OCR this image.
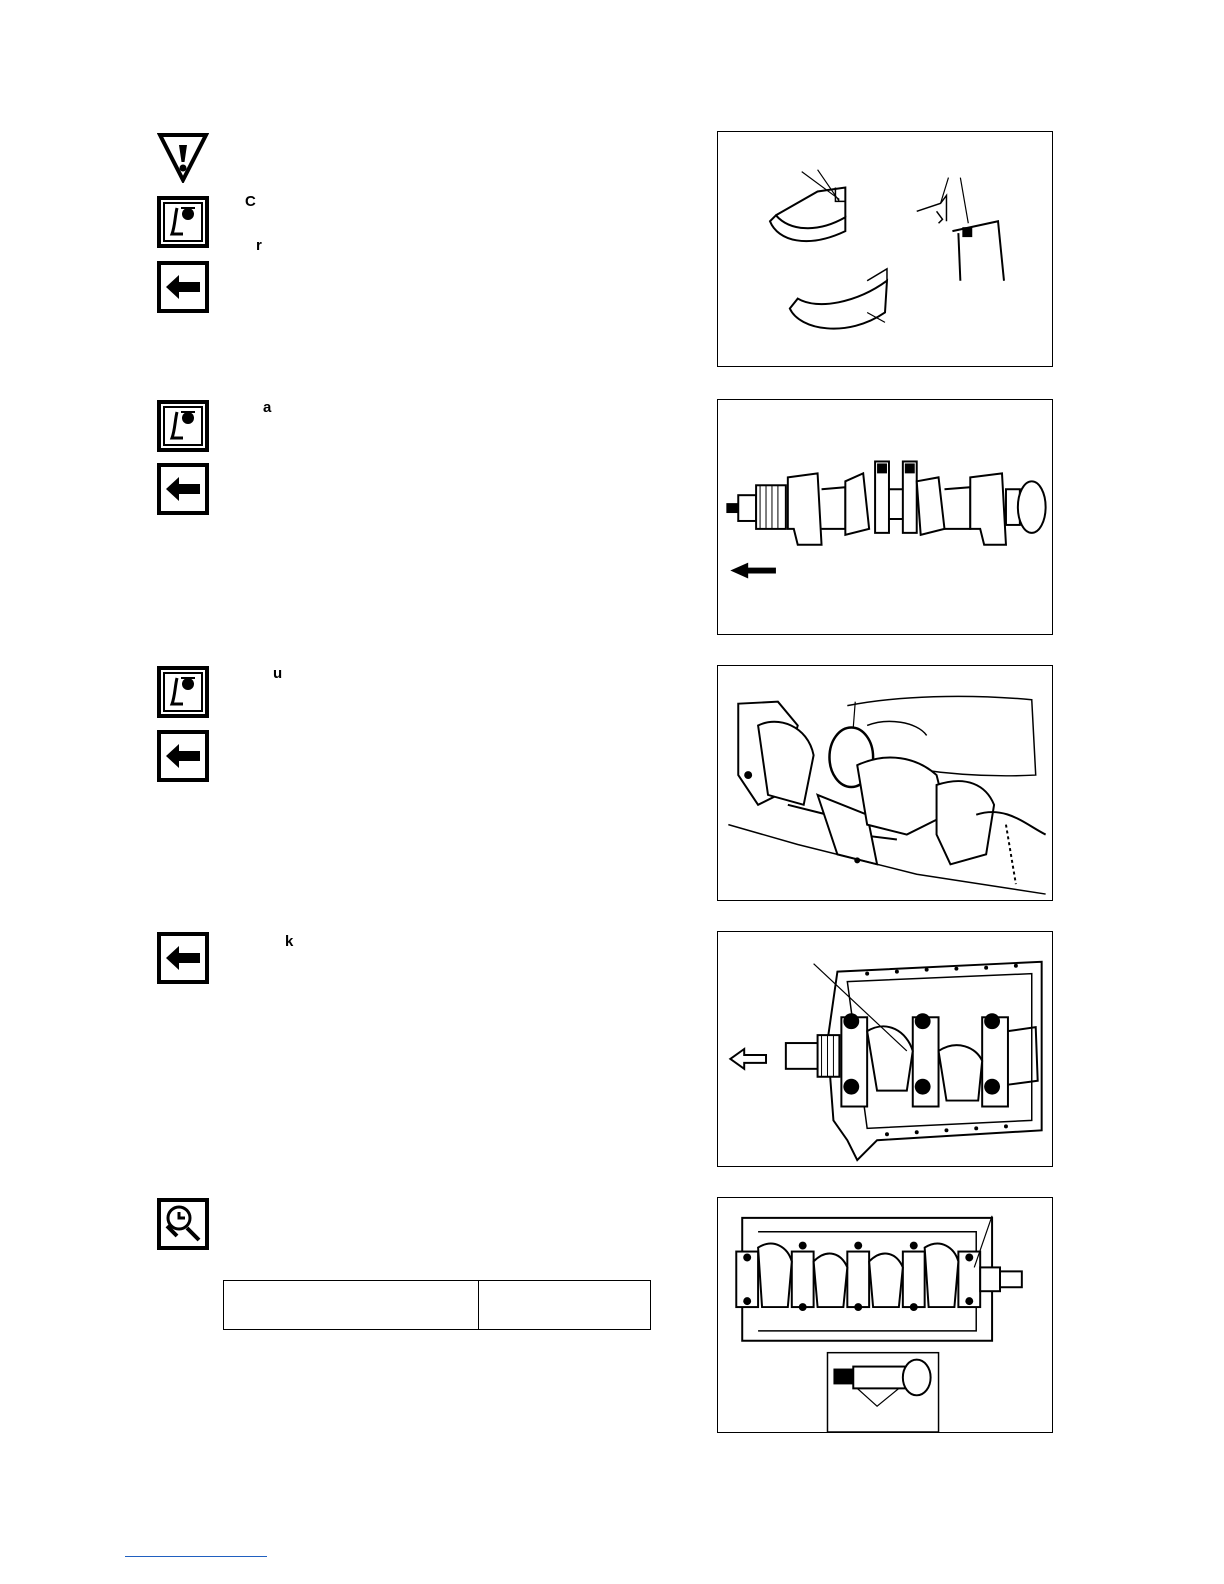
C
r
a
u
k
